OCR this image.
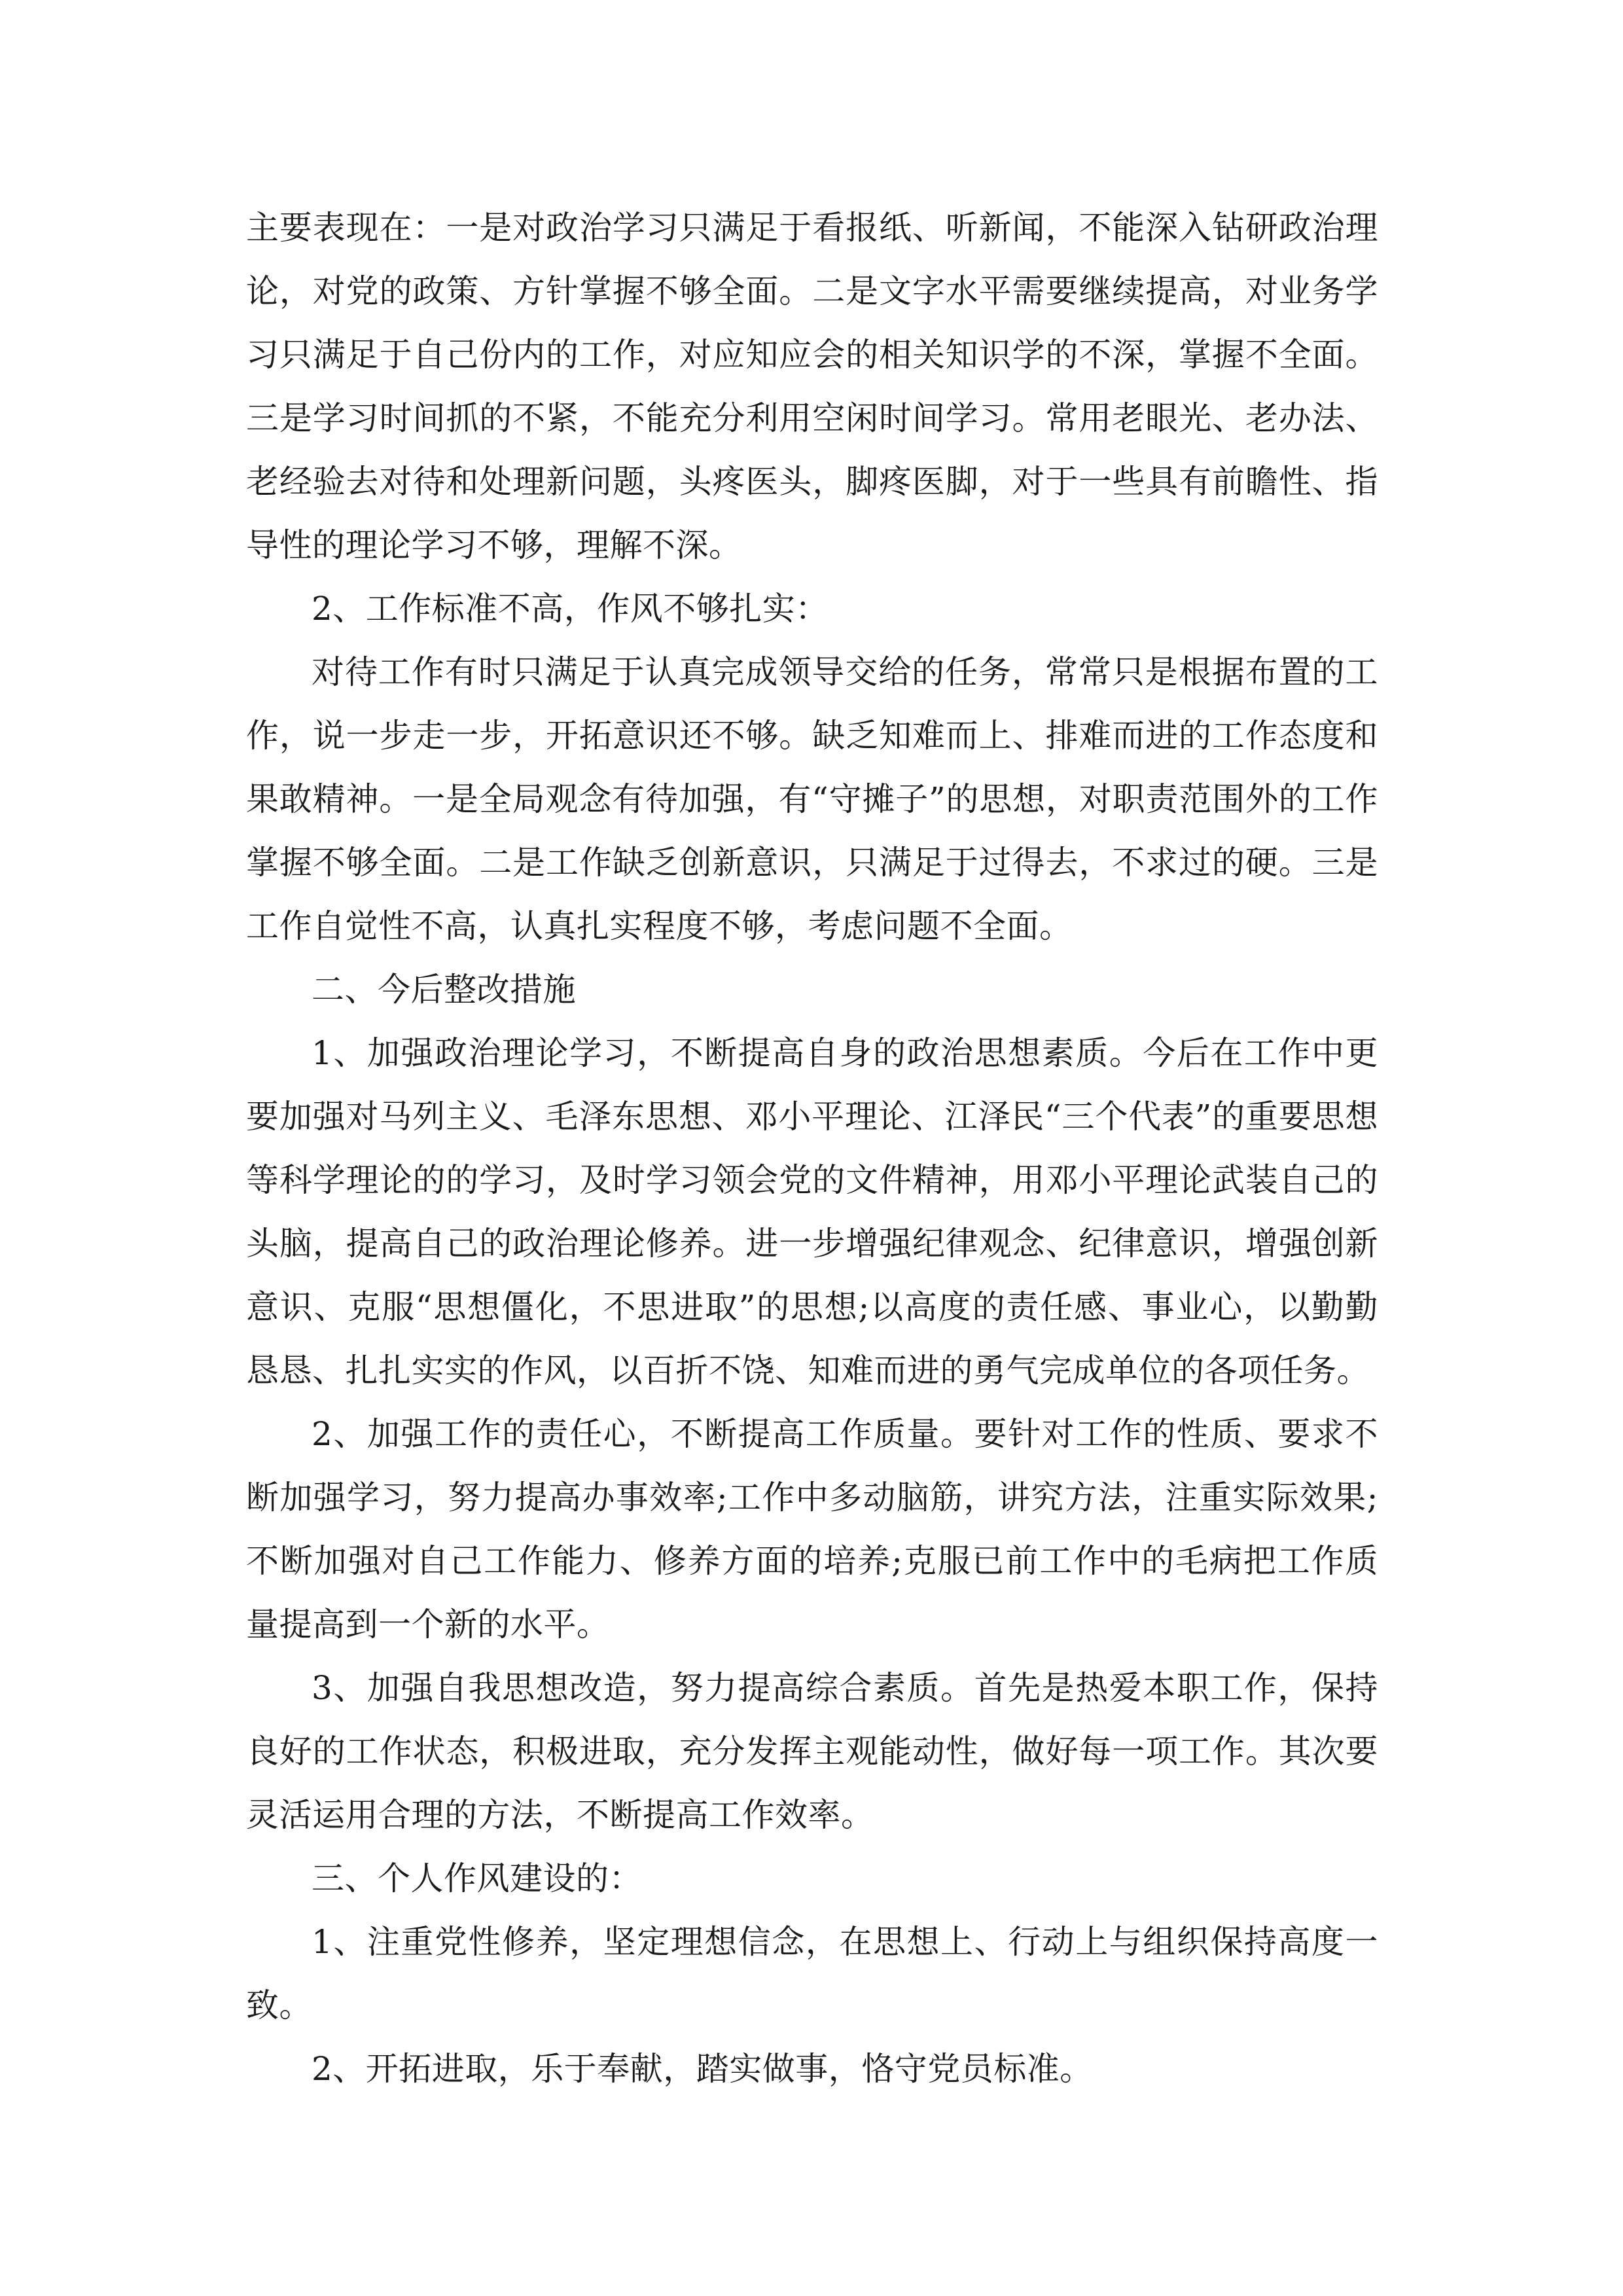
主要表现在：一是对政治学习只满足于看报纸、听新闻，不能深入钻研政治理论，对党的政策、方针掌握不够全面。二是文字水平需要继续提高，对业务学习只满足于自己份内的工作，对应知应会的相关知识学的不深，掌握不全面。三是学习时间抓的不紧，不能充分利用空闲时间学习。常用老眼光、老办法、老经验去对待和处理新问题，头疼医头，脚疼医脚，对于一些具有前瞻性、指导性的理论学习不够，理解不深。

2、工作标准不高，作风不够扎实：

对待工作有时只满足于认真完成领导交给的任务，常常只是根据布置的工作，说一步走一步，开拓意识还不够。缺乏知难而上、排难而进的工作态度和果敢精神。一是全局观念有待加强，有“守摊子”的思想，对职责范围外的工作掌握不够全面。二是工作缺乏创新意识，只满足于过得去，不求过的硬。三是工作自觉性不高，认真扎实程度不够，考虑问题不全面。

二、今后整改措施

1、加强政治理论学习，不断提高自身的政治思想素质。今后在工作中更要加强对马列主义、毛泽东思想、邓小平理论、江泽民“三个代表”的重要思想等科学理论的的学习，及时学习领会党的文件精神，用邓小平理论武装自己的头脑，提高自己的政治理论修养。进一步增强纪律观念、纪律意识，增强创新意识、克服“思想僵化，不思进取”的思想;以高度的责任感、事业心，以勤勤恳恳、扎扎实实的作风，以百折不饶、知难而进的勇气完成单位的各项任务。

2、加强工作的责任心，不断提高工作质量。要针对工作的性质、要求不断加强学习，努力提高办事效率;工作中多动脑筋，讲究方法，注重实际效果;不断加强对自己工作能力、修养方面的培养;克服已前工作中的毛病把工作质量提高到一个新的水平。

3、加强自我思想改造，努力提高综合素质。首先是热爱本职工作，保持良好的工作状态，积极进取，充分发挥主观能动性，做好每一项工作。其次要灵活运用合理的方法，不断提高工作效率。

三、个人作风建设的：

1、注重党性修养，坚定理想信念，在思想上、行动上与组织保持高度一致。

2、开拓进取，乐于奉献，踏实做事，恪守党员标准。
